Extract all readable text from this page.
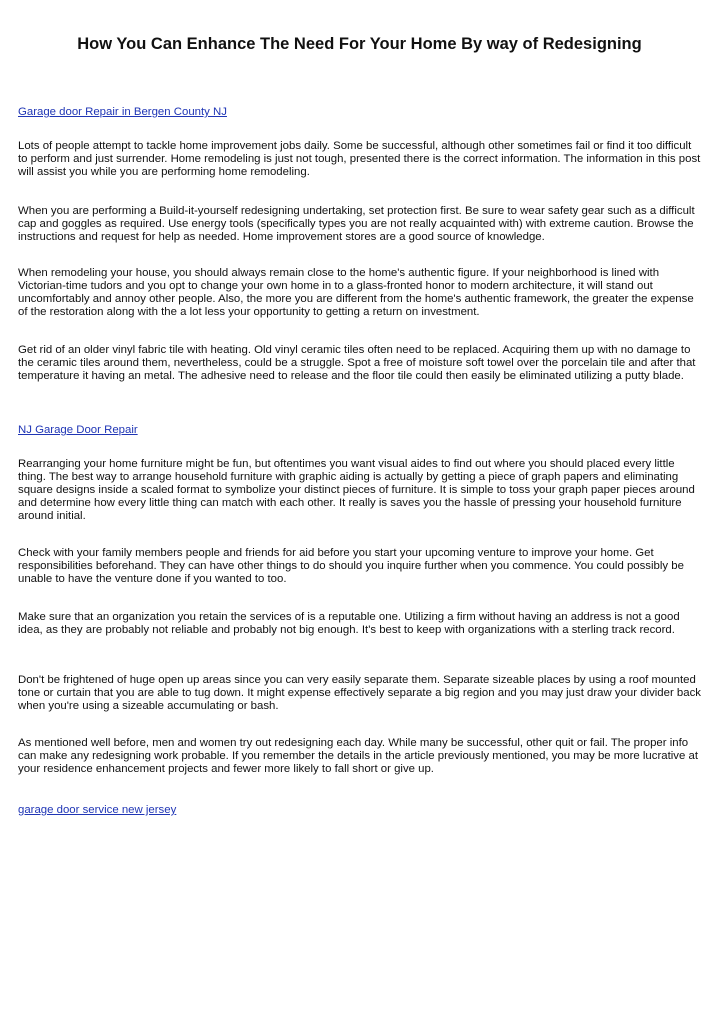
How You Can Enhance The Need For Your Home By way of Redesigning
Garage door Repair in Bergen County NJ

Lots of people attempt to tackle home improvement jobs daily. Some be successful, although other sometimes fail or find it too difficult to perform and just surrender. Home remodeling is just not tough, presented there is the correct information. The information in this post will assist you while you are performing home remodeling.

When you are performing a Build-it-yourself redesigning undertaking, set protection first. Be sure to wear safety gear such as a difficult cap and goggles as required. Use energy tools (specifically types you are not really acquainted with) with extreme caution. Browse the instructions and request for help as needed. Home improvement stores are a good source of knowledge.

When remodeling your house, you should always remain close to the home's authentic figure. If your neighborhood is lined with Victorian-time tudors and you opt to change your own home in to a glass-fronted honor to modern architecture, it will stand out uncomfortably and annoy other people. Also, the more you are different from the home's authentic framework, the greater the expense of the restoration along with the a lot less your opportunity to getting a return on investment.

Get rid of an older vinyl fabric tile with heating. Old vinyl ceramic tiles often need to be replaced. Acquiring them up with no damage to the ceramic tiles around them, nevertheless, could be a struggle. Spot a free of moisture soft towel over the porcelain tile and after that temperature it having an metal. The adhesive need to release and the floor tile could then easily be eliminated utilizing a putty blade.

NJ Garage Door Repair

Rearranging your home furniture might be fun, but oftentimes you want visual aides to find out where you should placed every little thing. The best way to arrange household furniture with graphic aiding is actually by getting a piece of graph papers and eliminating square designs inside a scaled format to symbolize your distinct pieces of furniture. It is simple to toss your graph paper pieces around and determine how every little thing can match with each other. It really is saves you the hassle of pressing your household furniture around initial.

Check with your family members people and friends for aid before you start your upcoming venture to improve your home. Get responsibilities beforehand. They can have other things to do should you inquire further when you commence. You could possibly be unable to have the venture done if you wanted to too.

Make sure that an organization you retain the services of is a reputable one. Utilizing a firm without having an address is not a good idea, as they are probably not reliable and probably not big enough. It's best to keep with organizations with a sterling track record.

Don't be frightened of huge open up areas since you can very easily separate them. Separate sizeable places by using a roof mounted tone or curtain that you are able to tug down. It might expense effectively separate a big region and you may just draw your divider back when you're using a sizeable accumulating or bash.

As mentioned well before, men and women try out redesigning each day. While many be successful, other quit or fail. The proper info can make any redesigning work probable. If you remember the details in the article previously mentioned, you may be more lucrative at your residence enhancement projects and fewer more likely to fall short or give up.

garage door service new jersey
